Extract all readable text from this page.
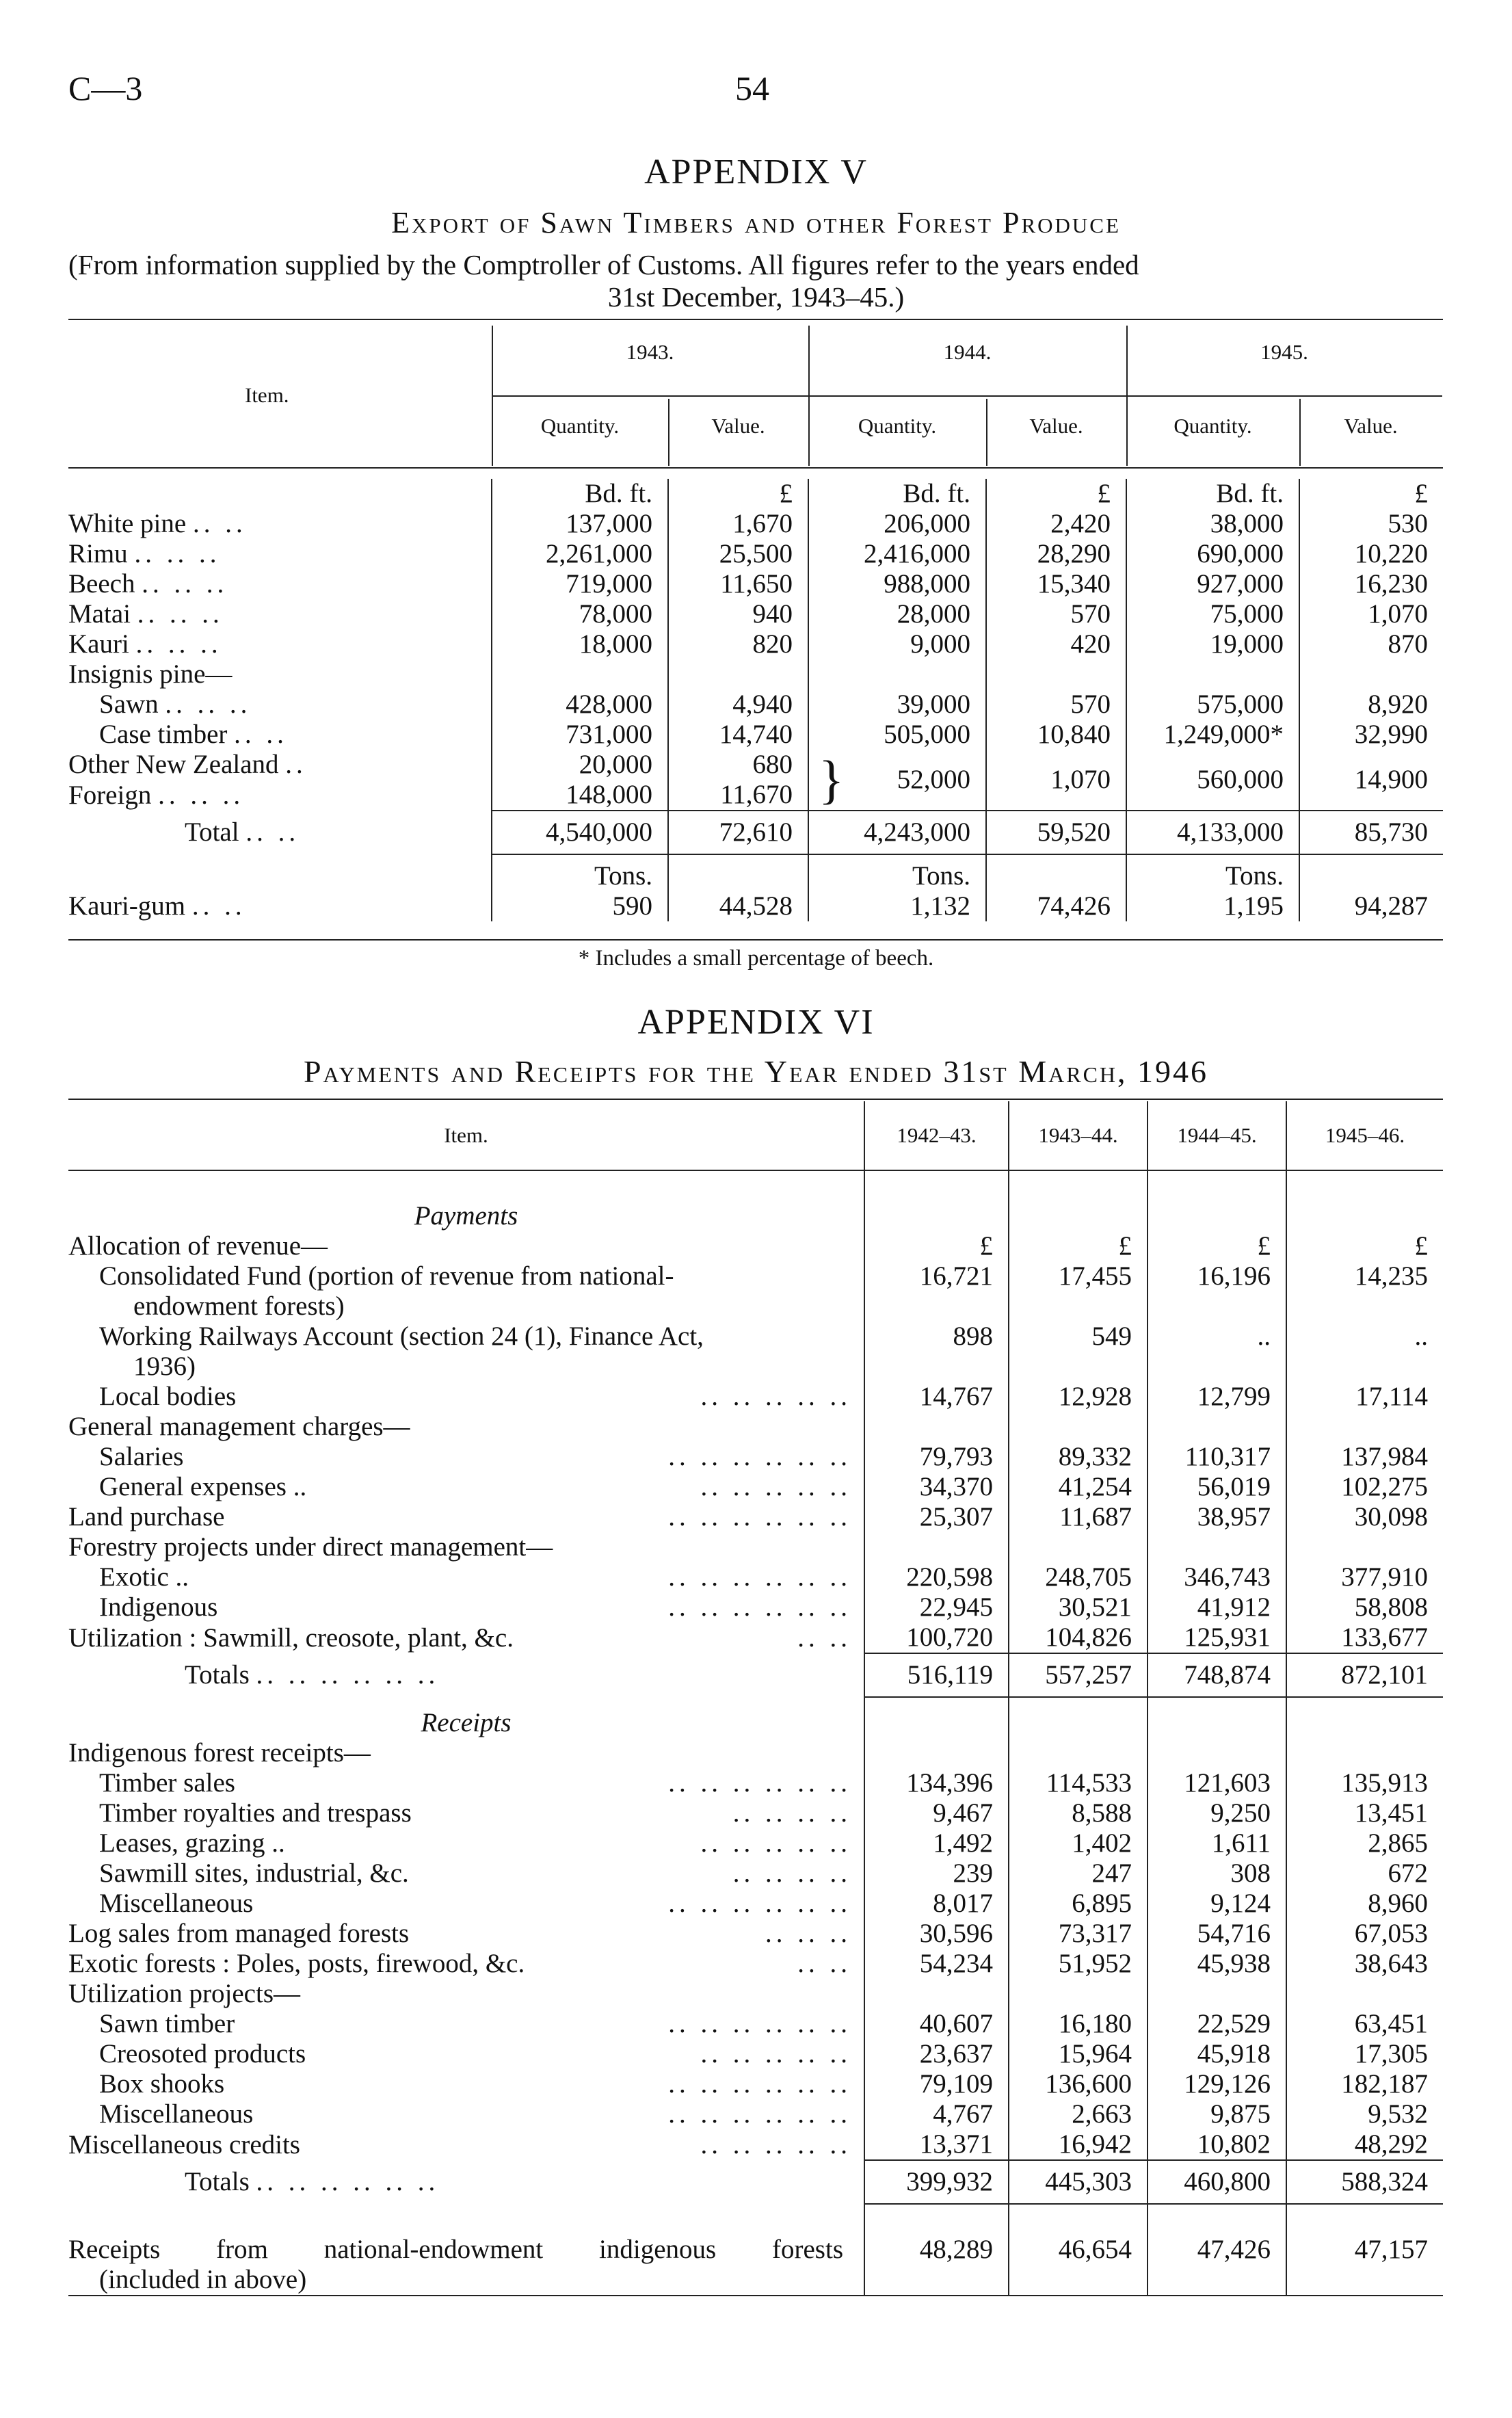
C—3	54
APPENDIX V
Export of Sawn Timbers and other Forest Produce
(From information supplied by the Comptroller of Customs. All figures refer to the years ended
31st December, 1943–45.)
Item.
1943.	1944.	1945.
Quantity.	Value.	Quantity.	Value.	Quantity.	Value.
	Bd. ft.	£	Bd. ft.	£	Bd. ft.	£
White pine .. ..	137,000	1,670	206,000	2,420	38,000	530
Rimu .. .. ..	2,261,000	25,500	2,416,000	28,290	690,000	10,220
Beech .. .. ..	719,000	11,650	988,000	15,340	927,000	16,230
Matai .. .. ..	78,000	940	28,000	570	75,000	1,070
Kauri .. .. ..	18,000	820	9,000	420	19,000	870
Insignis pine—						
Sawn .. .. ..	428,000	4,940	39,000	570	575,000	8,920
Case timber .. ..	731,000	14,740	505,000	10,840	1,249,000*	32,990
Other New Zealand ..	20,000	680	} 52,000	1,070	560,000	14,900
Foreign .. .. ..	148,000	11,670				
Total .. ..	4,540,000	72,610	4,243,000	59,520	4,133,000	85,730
	Tons.		Tons.		Tons.	
Kauri-gum .. ..	590	44,528	1,132	74,426	1,195	94,287
* Includes a small percentage of beech.
APPENDIX VI
Payments and Receipts for the Year ended 31st March, 1946
Item.	1942–43.	1943–44.	1944–45.	1945–46.

Payments				
Allocation of revenue—	£	£	£	£
Consolidated Fund (portion of revenue from national-	16,721	17,455	16,196	14,235
endowment forests)				
Working Railways Account (section 24 (1), Finance Act,	898	549	..	..
1936)				
Local bodies .. .. .. .. ..	14,767	12,928	12,799	17,114
General management charges—				
Salaries .. .. .. .. .. ..	79,793	89,332	110,317	137,984
General expenses .. .. .. .. .. ..	34,370	41,254	56,019	102,275
Land purchase .. .. .. .. .. ..	25,307	11,687	38,957	30,098
Forestry projects under direct management—				
Exotic .. .. .. .. .. .. ..	220,598	248,705	346,743	377,910
Indigenous .. .. .. .. .. ..	22,945	30,521	41,912	58,808
Utilization : Sawmill, creosote, plant, &c. .. ..	100,720	104,826	125,931	133,677
Totals .. .. .. .. .. ..	516,119	557,257	748,874	872,101
Receipts				
Indigenous forest receipts—				
Timber sales .. .. .. .. .. ..	134,396	114,533	121,603	135,913
Timber royalties and trespass .. .. .. ..	9,467	8,588	9,250	13,451
Leases, grazing .. .. .. .. .. ..	1,492	1,402	1,611	2,865
Sawmill sites, industrial, &c. .. .. .. ..	239	247	308	672
Miscellaneous .. .. .. .. .. ..	8,017	6,895	9,124	8,960
Log sales from managed forests .. .. ..	30,596	73,317	54,716	67,053
Exotic forests : Poles, posts, firewood, &c. .. ..	54,234	51,952	45,938	38,643
Utilization projects—				
Sawn timber .. .. .. .. .. ..	40,607	16,180	22,529	63,451
Creosoted products .. .. .. .. ..	23,637	15,964	45,918	17,305
Box shooks .. .. .. .. .. ..	79,109	136,600	129,126	182,187
Miscellaneous .. .. .. .. .. ..	4,767	2,663	9,875	9,532
Miscellaneous credits .. .. .. .. ..	13,371	16,942	10,802	48,292
Totals .. .. .. .. .. ..	399,932	445,303	460,800	588,324

Receipts from national-endowment indigenous forests	48,289	46,654	47,426	47,157
(included in above)				
